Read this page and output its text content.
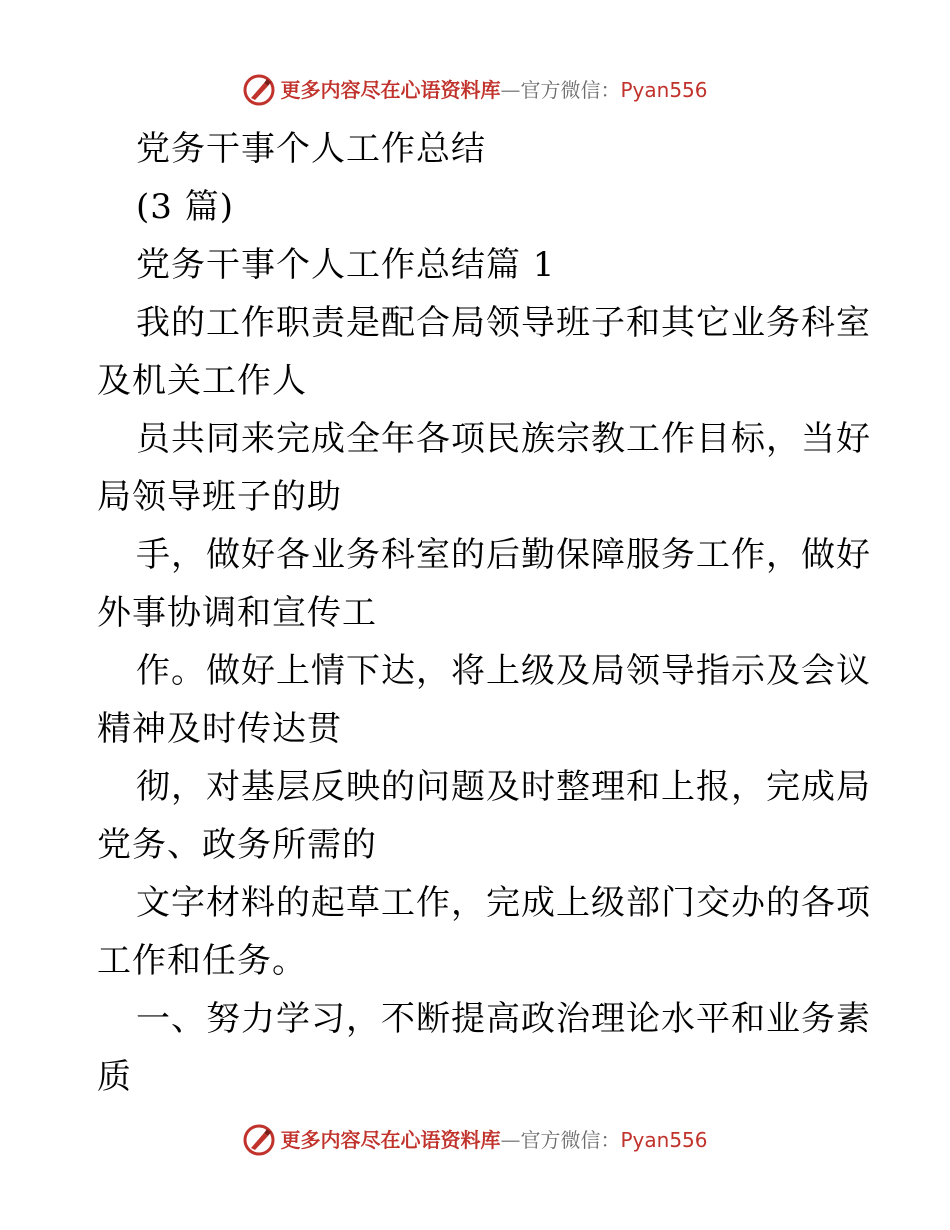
更多内容尽在心语资料库—官方微信：Pyan556
党务干事个人工作总结
(3 篇)
党务干事个人工作总结篇 1
我的工作职责是配合局领导班子和其它业务科室
及机关工作人
员共同来完成全年各项民族宗教工作目标，当好
局领导班子的助
手，做好各业务科室的后勤保障服务工作，做好
外事协调和宣传工
作。做好上情下达，将上级及局领导指示及会议
精神及时传达贯
彻，对基层反映的问题及时整理和上报，完成局
党务、政务所需的
文字材料的起草工作，完成上级部门交办的各项
工作和任务。
一、努力学习，不断提高政治理论水平和业务素
质
更多内容尽在心语资料库—官方微信：Pyan556
